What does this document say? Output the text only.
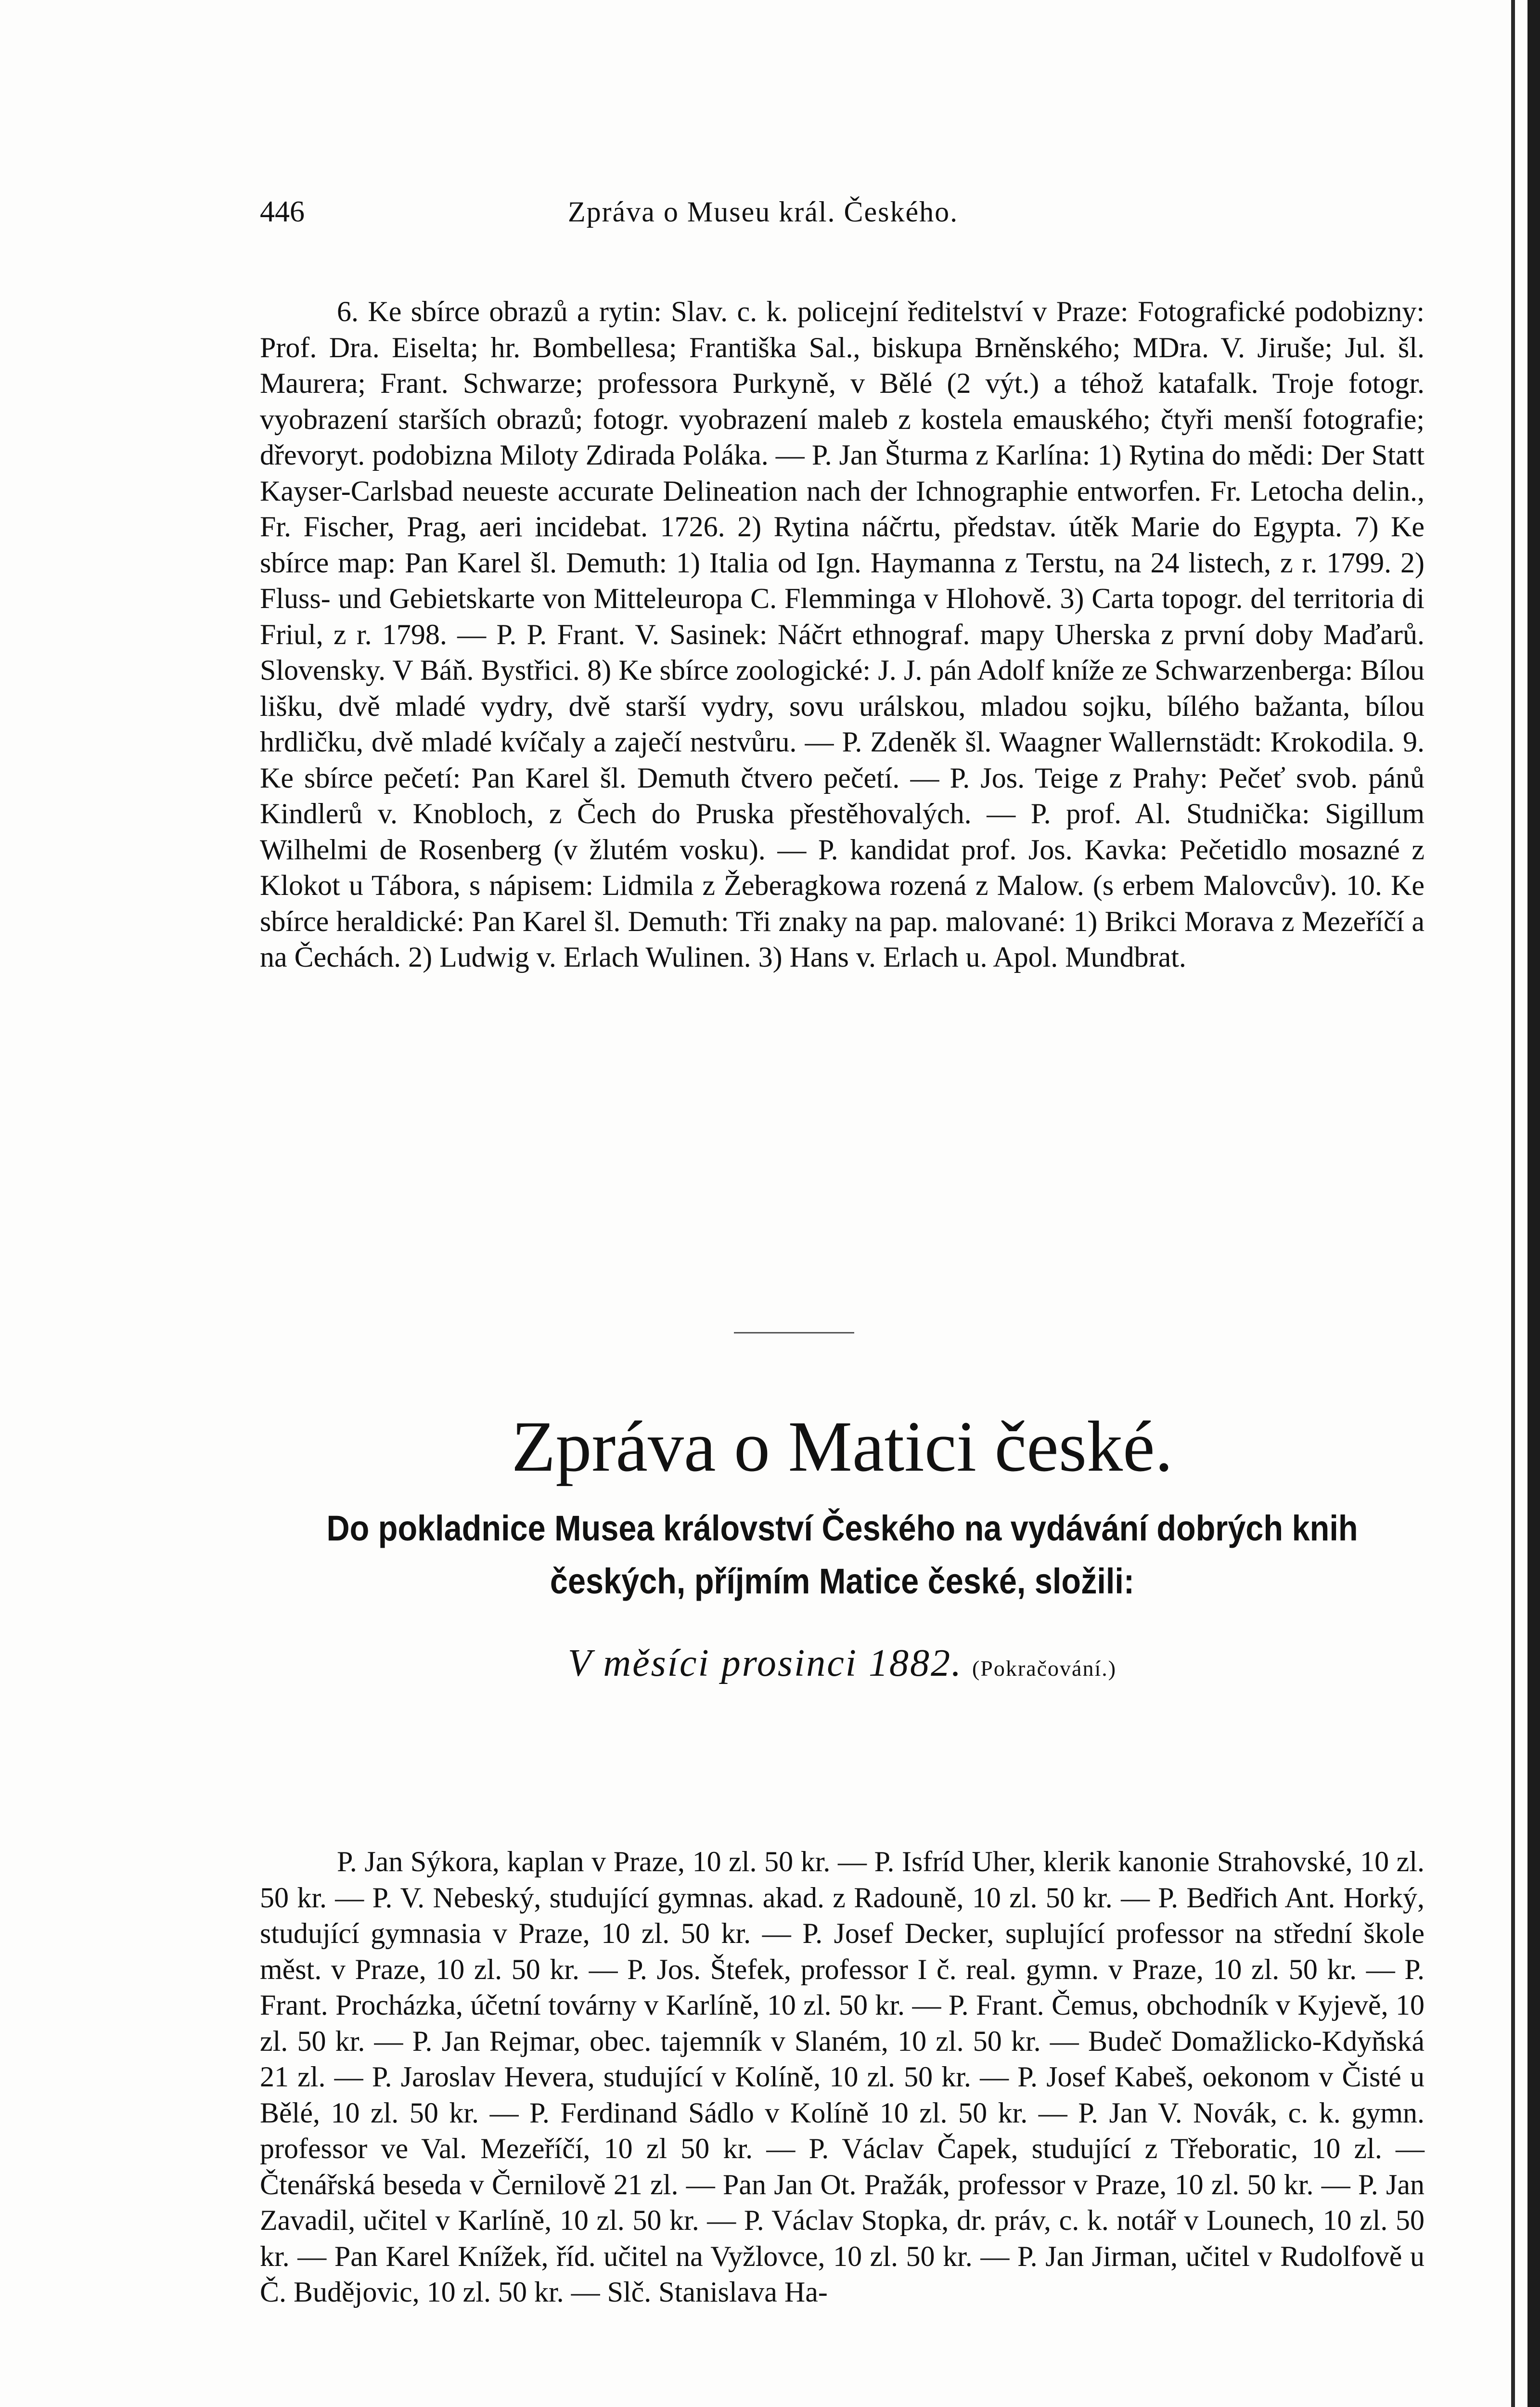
446	Zpráva o Museu král. Českého.

6. Ke sbírce obrazů a rytin: Slav. c. k. policejní ředitelství v Praze: Fotografické podobizny: Prof. Dra. Eiselta; hr. Bombellesa; Františka Sal., biskupa Brněnského; MDra. V. Jiruše; Jul. šl. Maurera; Frant. Schwarze; professora Purkyně, v Bělé (2 výt.) a téhož katafalk. Troje fotogr. vyobrazení starších obrazů; fotogr. vyobrazení maleb z kostela emauského; čtyři menší fotografie; dřevoryt. podobizna Miloty Zdirada Poláka. — P. Jan Šturma z Karlína: 1) Rytina do mědi: Der Statt Kayser-Carlsbad neueste accurate Delineation nach der Ichnographie entworfen. Fr. Letocha delin., Fr. Fischer, Prag, aeri incidebat. 1726. 2) Rytina náčrtu, představ. útěk Marie do Egypta. 7) Ke sbírce map: Pan Karel šl. Demuth: 1) Italia od Ign. Haymanna z Terstu, na 24 listech, z r. 1799. 2) Fluss- und Gebietskarte von Mitteleuropa C. Flemminga v Hlohově. 3) Carta topogr. del territoria di Friul, z r. 1798. — P. P. Frant. V. Sasinek: Náčrt ethnograf. mapy Uherska z první doby Maďarů. Slovensky. V Báň. Bystřici. 8) Ke sbírce zoologické: J. J. pán Adolf kníže ze Schwarzenberga: Bílou lišku, dvě mladé vydry, dvě starší vydry, sovu urálskou, mladou sojku, bílého bažanta, bílou hrdličku, dvě mladé kvíčaly a zaječí nestvůru. — P. Zdeněk šl. Waagner Wallernstädt: Krokodila. 9. Ke sbírce pečetí: Pan Karel šl. Demuth čtvero pečetí. — P. Jos. Teige z Prahy: Pečeť svob. pánů Kindlerů v. Knobloch, z Čech do Pruska přestěhovalých. — P. prof. Al. Studnička: Sigillum Wilhelmi de Rosenberg (v žlutém vosku). — P. kandidat prof. Jos. Kavka: Pečetidlo mosazné z Klokot u Tábora, s nápisem: Lidmila z Žeberagkowa rozená z Malow. (s erbem Malovcův). 10. Ke sbírce heraldické: Pan Karel šl. Demuth: Tři znaky na pap. malované: 1) Brikci Morava z Mezeříčí a na Čechách. 2) Ludwig v. Erlach Wulinen. 3) Hans v. Erlach u. Apol. Mundbrat.

Zpráva o Matici české.
Do pokladnice Musea království Českého na vydávání dobrých knih českých, příjmím Matice české, složili:
V měsíci prosinci 1882. (Pokračování.)

P. Jan Sýkora, kaplan v Praze, 10 zl. 50 kr. — P. Isfríd Uher, klerik kanonie Strahovské, 10 zl. 50 kr. — P. V. Nebeský, studující gymnas. akad. z Radouně, 10 zl. 50 kr. — P. Bedřich Ant. Horký, studující gymnasia v Praze, 10 zl. 50 kr. — P. Josef Decker, suplující professor na střední škole měst. v Praze, 10 zl. 50 kr. — P. Jos. Štefek, professor I č. real. gymn. v Praze, 10 zl. 50 kr. — P. Frant. Procházka, účetní továrny v Karlíně, 10 zl. 50 kr. — P. Frant. Čemus, obchodník v Kyjevě, 10 zl. 50 kr. — P. Jan Rejmar, obec. tajemník v Slaném, 10 zl. 50 kr. — Budeč Domažlicko-Kdyňská 21 zl. — P. Jaroslav Hevera, studující v Kolíně, 10 zl. 50 kr. — P. Josef Kabeš, oekonom v Čisté u Bělé, 10 zl. 50 kr. — P. Ferdinand Sádlo v Kolíně 10 zl. 50 kr. — P. Jan V. Novák, c. k. gymn. professor ve Val. Mezeříčí, 10 zl 50 kr. — P. Václav Čapek, studující z Třeboratic, 10 zl. — Čtenářská beseda v Černilově 21 zl. — Pan Jan Ot. Pražák, professor v Praze, 10 zl. 50 kr. — P. Jan Zavadil, učitel v Karlíně, 10 zl. 50 kr. — P. Václav Stopka, dr. práv, c. k. notář v Lounech, 10 zl. 50 kr. — Pan Karel Knížek, říd. učitel na Vyžlovce, 10 zl. 50 kr. — P. Jan Jirman, učitel v Rudolfově u Č. Budějovic, 10 zl. 50 kr. — Slč. Stanislava Ha-
